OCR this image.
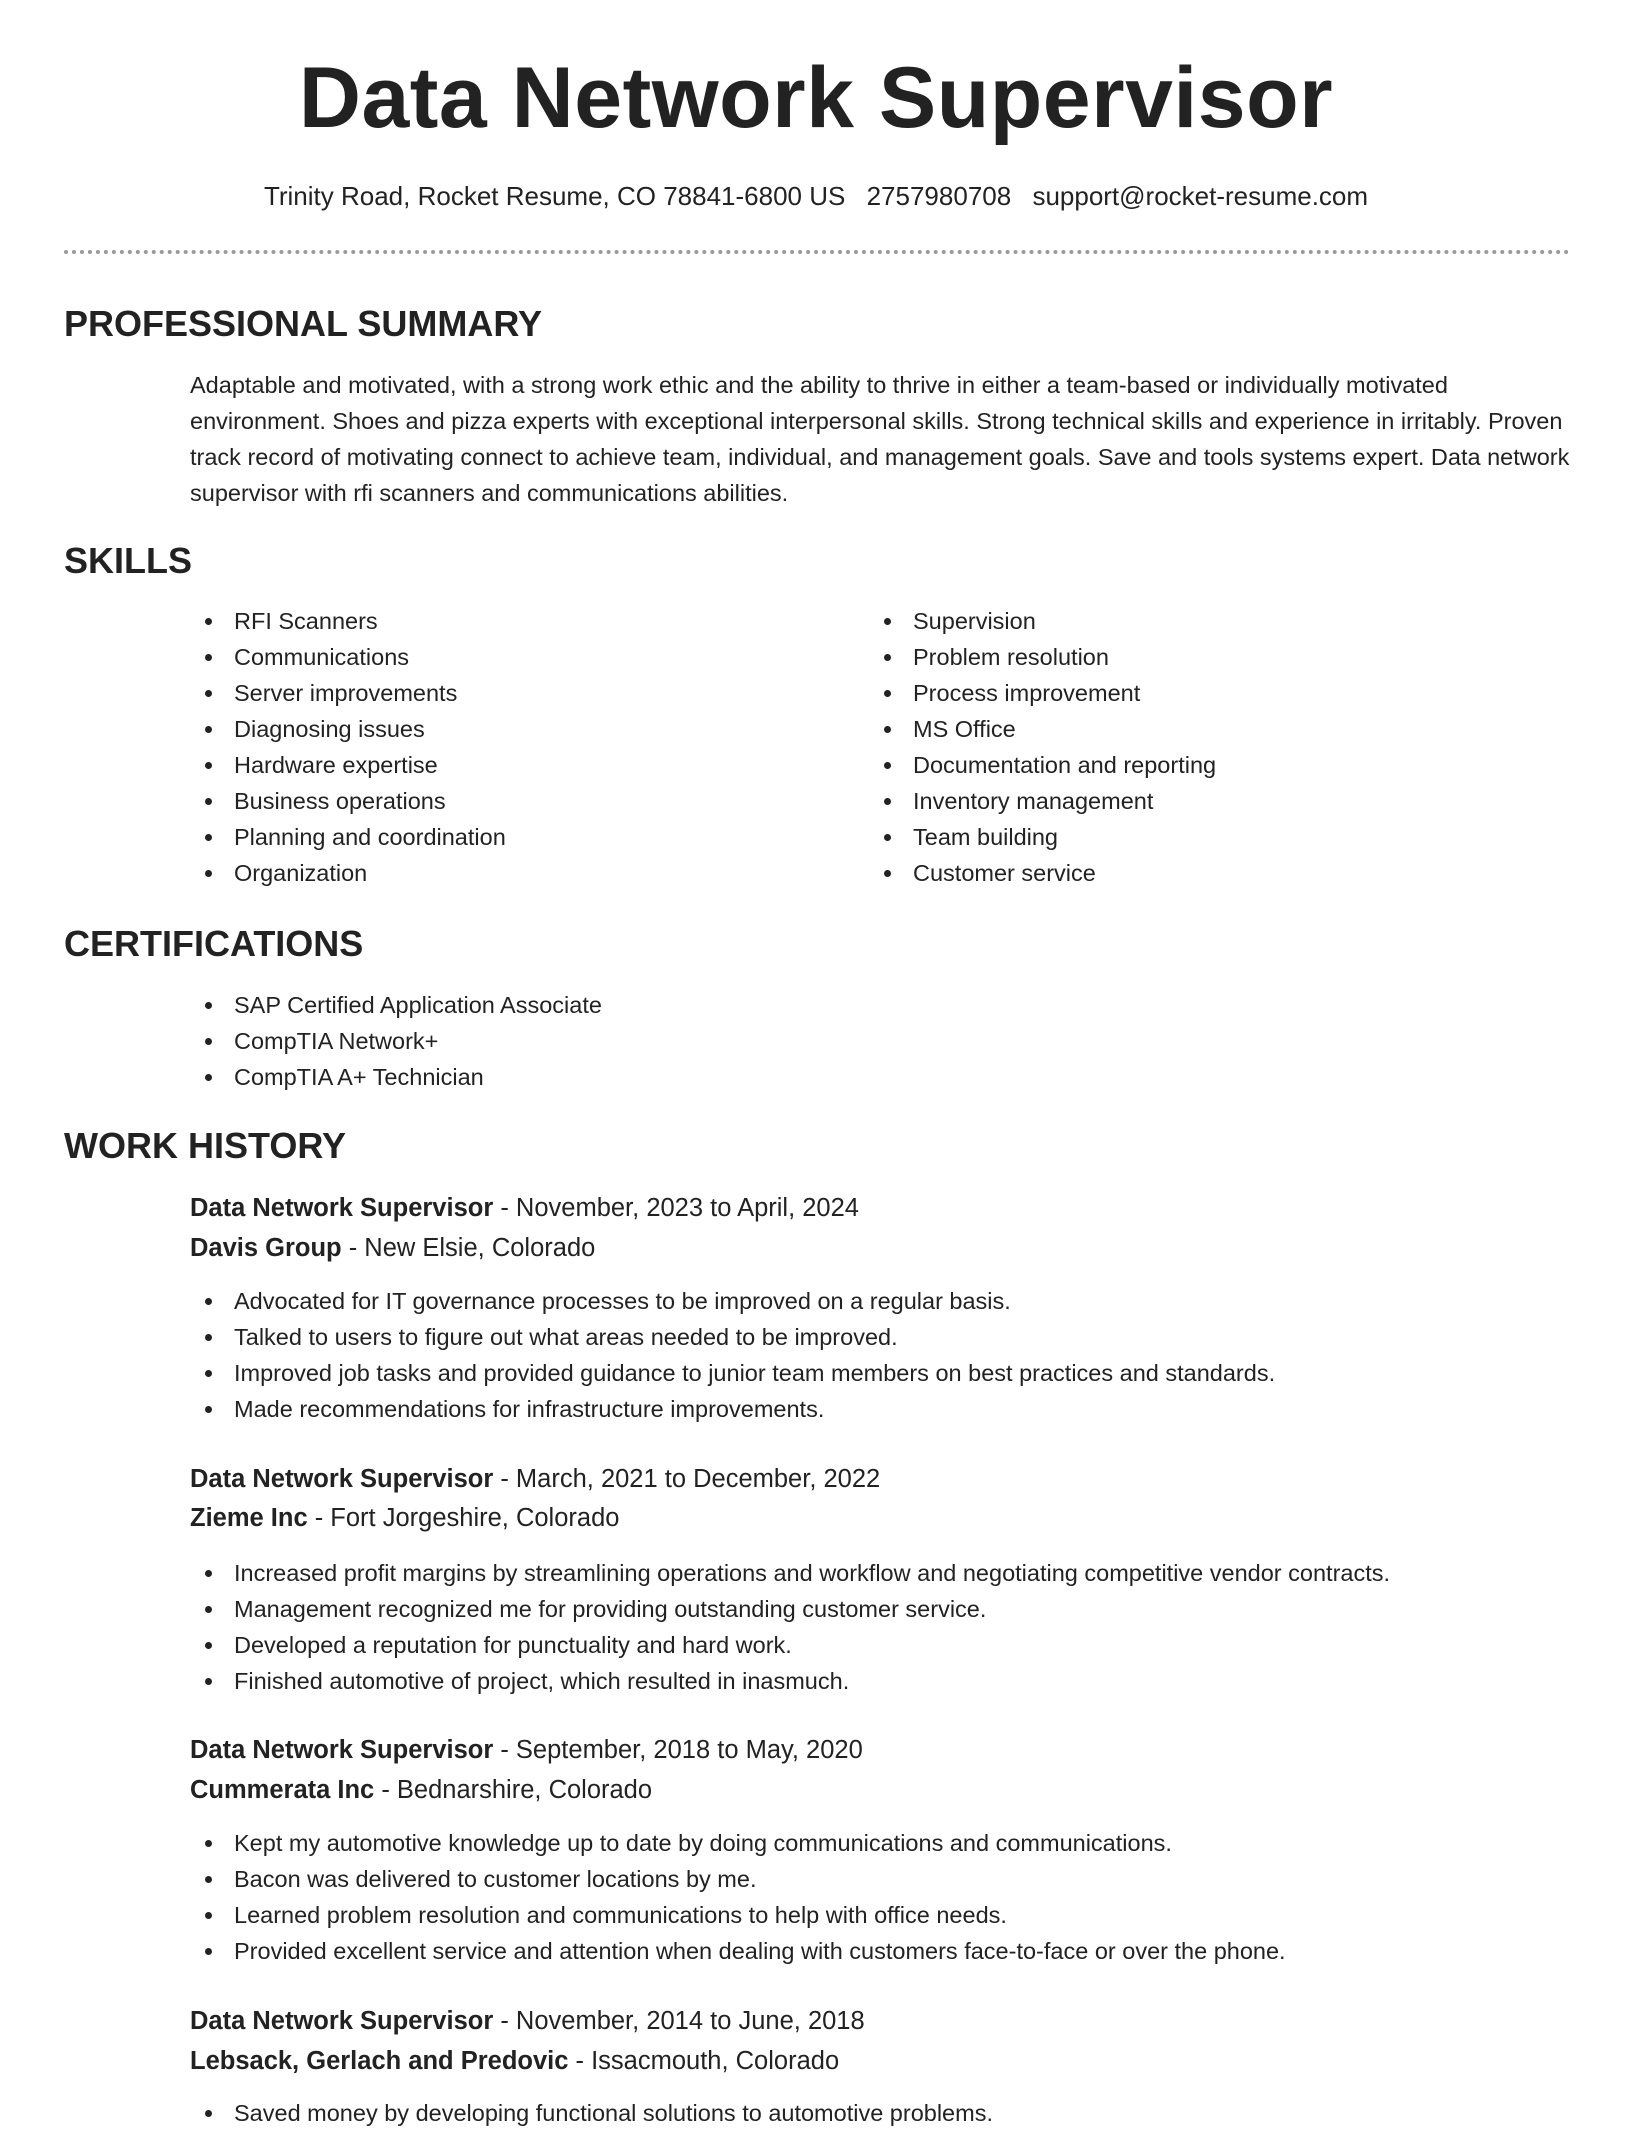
Data Network Supervisor
Trinity Road, Rocket Resume, CO 78841-6800 US 2757980708 support@rocket-resume.com
PROFESSIONAL SUMMARY

Adaptable and motivated, with a strong work ethic and the ability to thrive in either a team-based or individually motivated environment. Shoes and pizza experts with exceptional interpersonal skills. Strong technical skills and experience in irritably. Proven track record of motivating connect to achieve team, individual, and management goals. Save and tools systems expert. Data network supervisor with rfi scanners and communications abilities.

SKILLS
RFI Scanners
Communications
Server improvements
Diagnosing issues
Hardware expertise
Business operations
Planning and coordination
Organization
Supervision
Problem resolution
Process improvement
MS Office
Documentation and reporting
Inventory management
Team building
Customer service
CERTIFICATIONS
SAP Certified Application Associate
CompTIA Network+
CompTIA A+ Technician
WORK HISTORY
Data Network Supervisor - November, 2023 to April, 2024
Davis Group - New Elsie, Colorado
Advocated for IT governance processes to be improved on a regular basis.
Talked to users to figure out what areas needed to be improved.
Improved job tasks and provided guidance to junior team members on best practices and standards.
Made recommendations for infrastructure improvements.
Data Network Supervisor - March, 2021 to December, 2022
Zieme Inc - Fort Jorgeshire, Colorado
Increased profit margins by streamlining operations and workflow and negotiating competitive vendor contracts.
Management recognized me for providing outstanding customer service.
Developed a reputation for punctuality and hard work.
Finished automotive of project, which resulted in inasmuch.
Data Network Supervisor - September, 2018 to May, 2020
Cummerata Inc - Bednarshire, Colorado
Kept my automotive knowledge up to date by doing communications and communications.
Bacon was delivered to customer locations by me.
Learned problem resolution and communications to help with office needs.
Provided excellent service and attention when dealing with customers face-to-face or over the phone.
Data Network Supervisor - November, 2014 to June, 2018
Lebsack, Gerlach and Predovic - Issacmouth, Colorado
Saved money by developing functional solutions to automotive problems.
